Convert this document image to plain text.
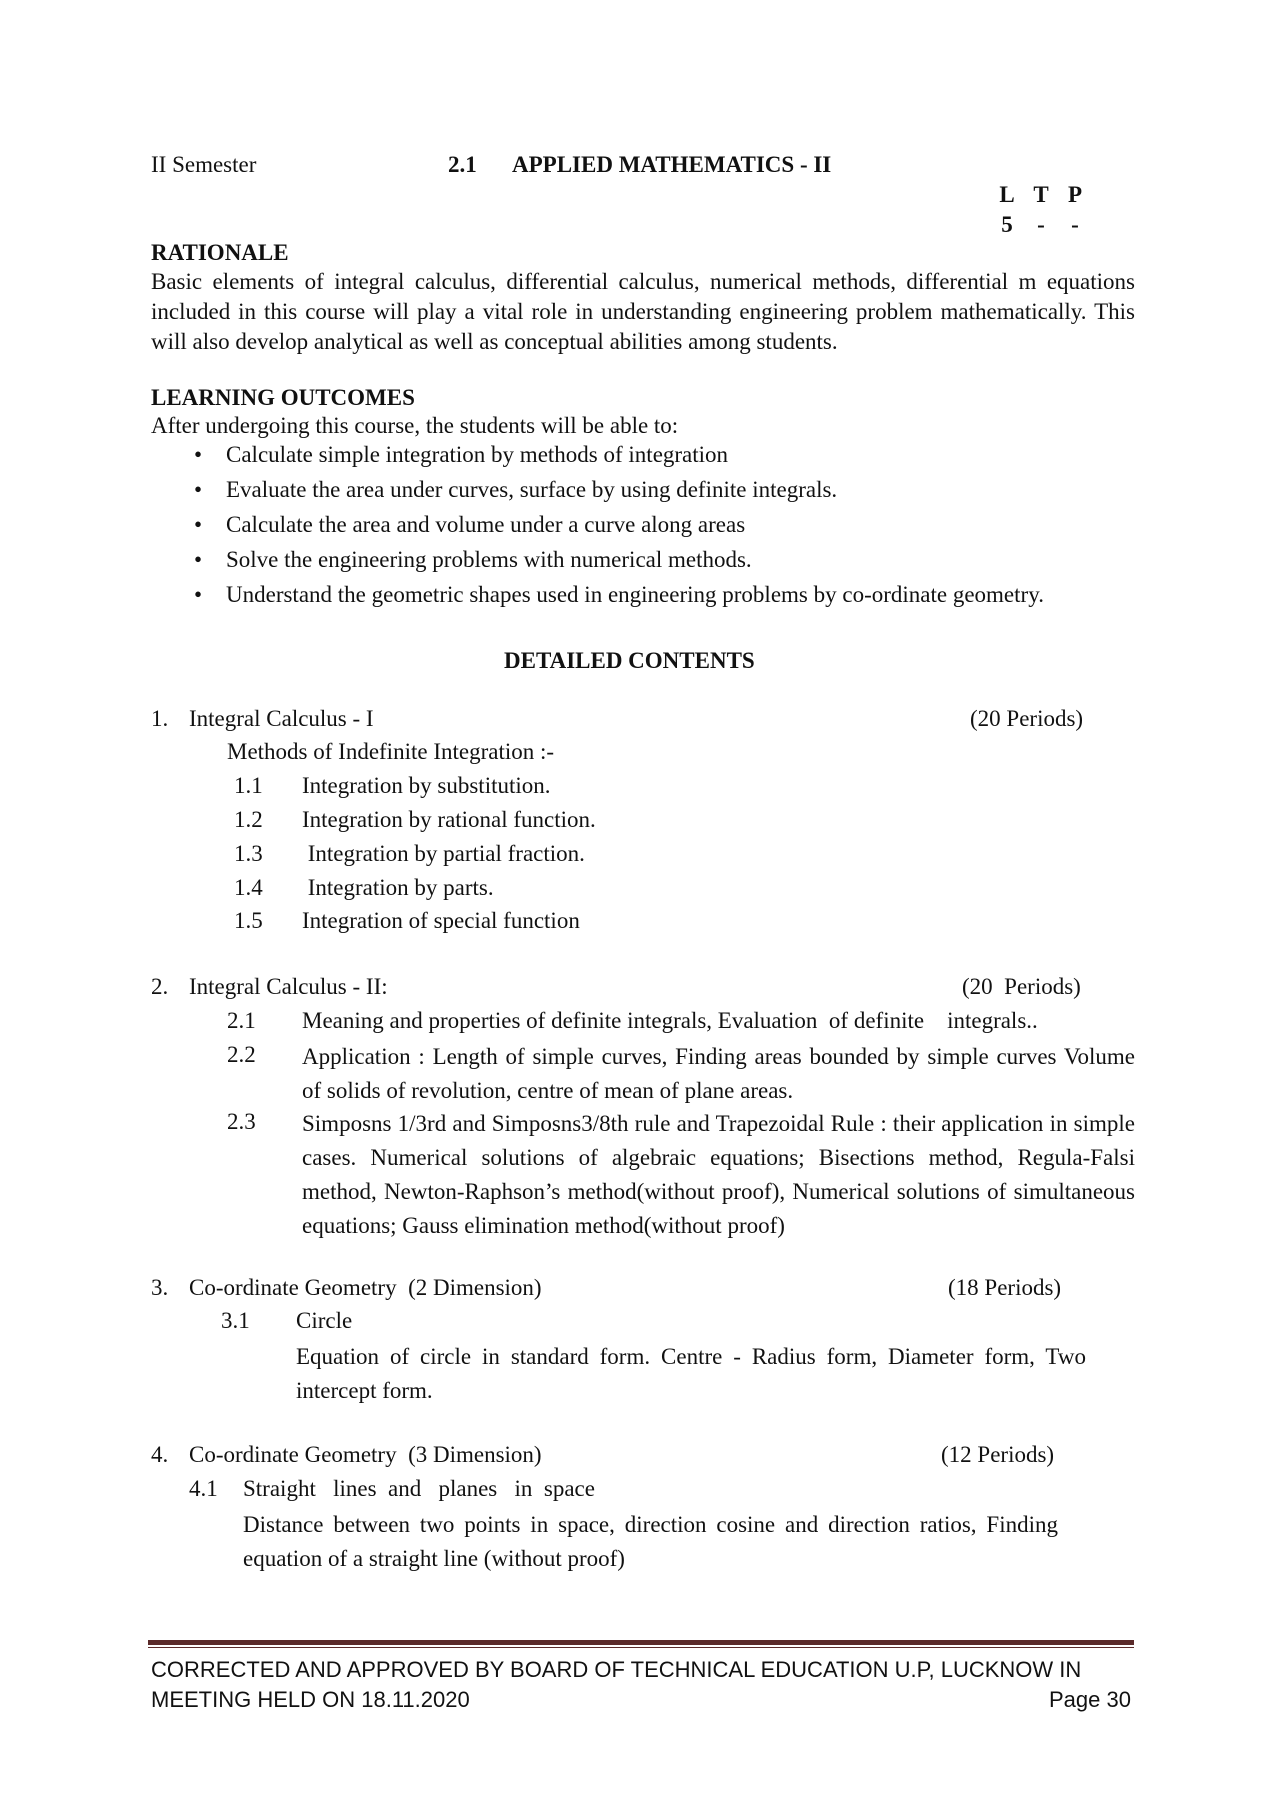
II Semester	2.1 APPLIED MATHEMATICS - II
L T P
5 - -
RATIONALE
Basic elements of integral calculus, differential calculus, numerical methods, differential m equations included in this course will play a vital role in understanding engineering problem mathematically. This will also develop analytical as well as conceptual abilities among students.
LEARNING OUTCOMES
After undergoing this course, the students will be able to:
• Calculate simple integration by methods of integration
• Evaluate the area under curves, surface by using definite integrals.
• Calculate the area and volume under a curve along areas
• Solve the engineering problems with numerical methods.
• Understand the geometric shapes used in engineering problems by co-ordinate geometry.
DETAILED CONTENTS
1. Integral Calculus - I	(20 Periods)
Methods of Indefinite Integration :-
1.1 Integration by substitution.
1.2 Integration by rational function.
1.3 Integration by partial fraction.
1.4 Integration by parts.
1.5 Integration of special function
2. Integral Calculus - II:	(20  Periods)
2.1 Meaning and properties of definite integrals, Evaluation  of definite    integrals..
2.2 Application : Length of simple curves, Finding areas bounded by simple curves Volume of solids of revolution, centre of mean of plane areas.
2.3 Simposns 1/3rd and Simposns3/8th rule and Trapezoidal Rule : their application in simple cases. Numerical solutions of algebraic equations; Bisections method, Regula-Falsi method, Newton-Raphson’s method(without proof), Numerical solutions of simultaneous equations; Gauss elimination method(without proof)
3. Co-ordinate Geometry  (2 Dimension)	(18 Periods)
3.1 Circle
Equation of circle in standard form. Centre - Radius form, Diameter form, Two intercept form.
4. Co-ordinate Geometry  (3 Dimension)	(12 Periods)
4.1 Straight   lines  and   planes   in  space
Distance between two points in space, direction cosine and direction ratios, Finding equation of a straight line (without proof)
CORRECTED AND APPROVED BY BOARD OF TECHNICAL EDUCATION U.P, LUCKNOW IN
MEETING HELD ON 18.11.2020	Page 30
